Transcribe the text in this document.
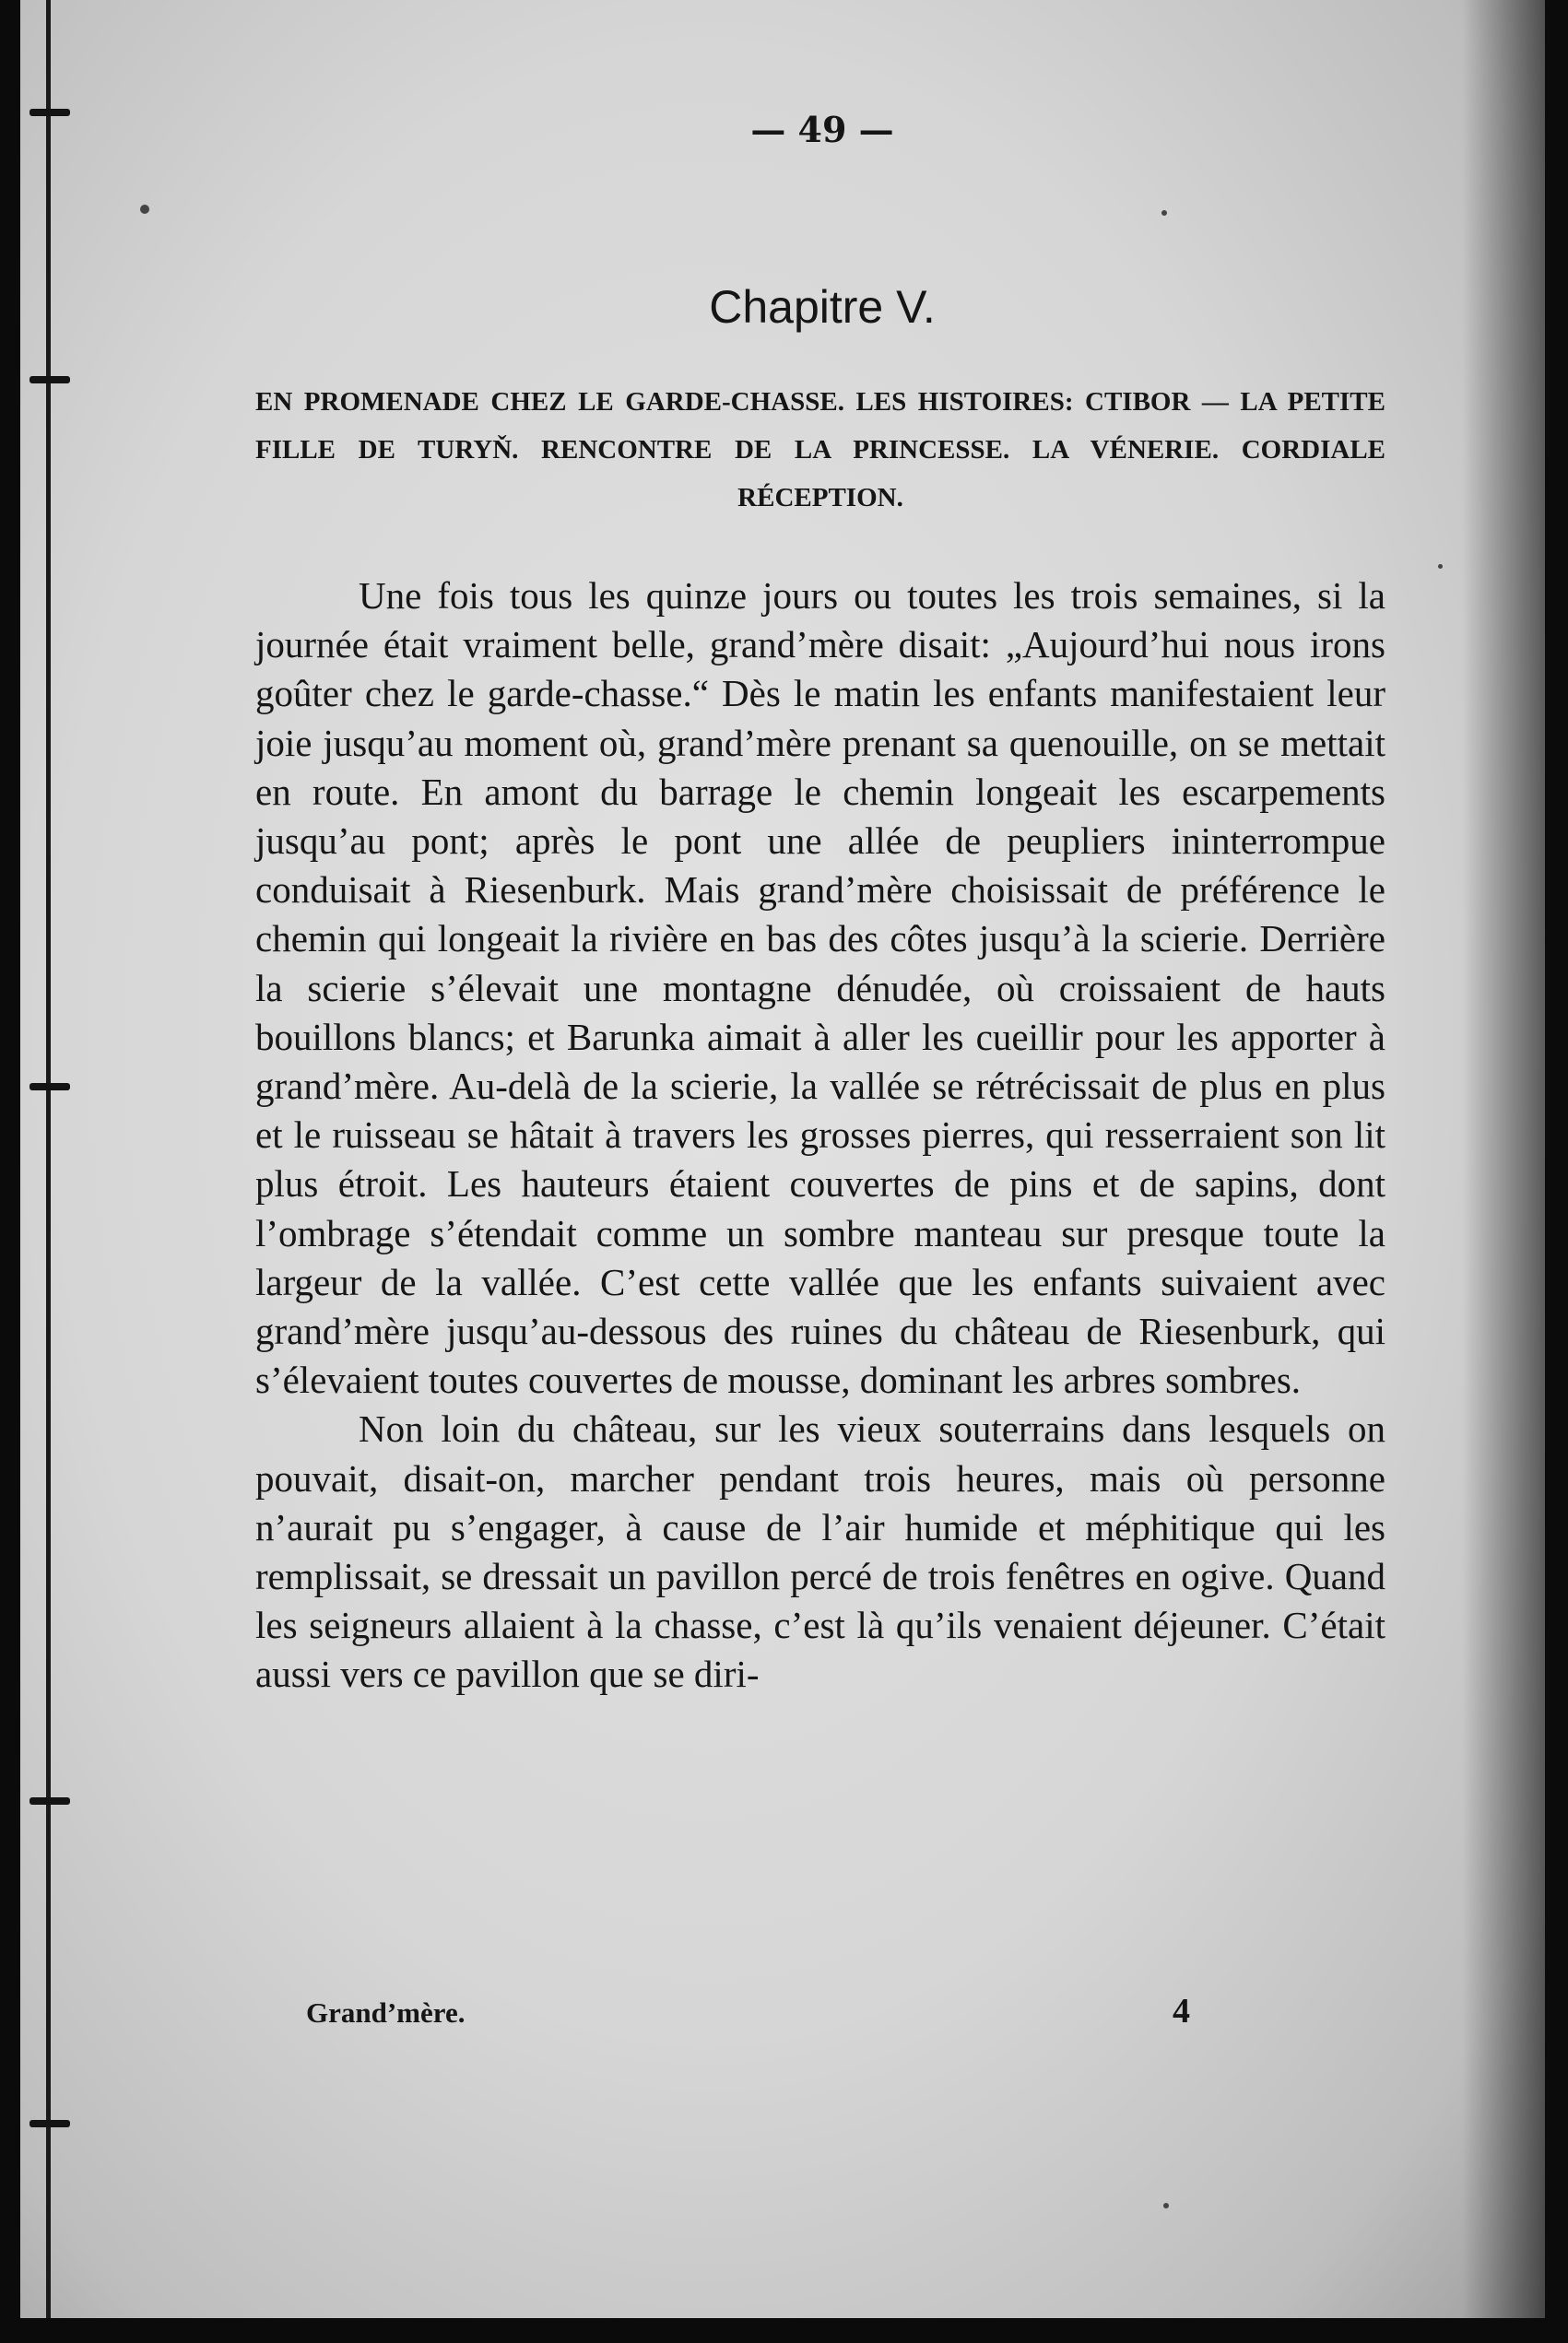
— 49 —
Chapitre V.

EN PROMENADE CHEZ LE GARDE-CHASSE. LES HISTOIRES: CTIBOR — LA PETITE FILLE DE TURYŇ. RENCONTRE DE LA PRINCESSE. LA VÉNERIE. CORDIALE RÉCEPTION.

Une fois tous les quinze jours ou toutes les trois semaines, si la journée était vraiment belle, grand’mère disait: „Aujourd’hui nous irons goûter chez le garde-chasse.“ Dès le matin les enfants manifestaient leur joie jusqu’au moment où, grand’mère prenant sa quenouille, on se mettait en route. En amont du barrage le chemin longeait les escarpements jusqu’au pont; après le pont une allée de peupliers ininterrompue conduisait à Riesenburk. Mais grand’mère choisissait de préférence le chemin qui longeait la rivière en bas des côtes jusqu’à la scierie. Derrière la scierie s’élevait une montagne dénudée, où croissaient de hauts bouillons blancs; et Barunka aimait à aller les cueillir pour les apporter à grand’mère. Au-delà de la scierie, la vallée se rétrécissait de plus en plus et le ruisseau se hâtait à travers les grosses pierres, qui resserraient son lit plus étroit. Les hauteurs étaient couvertes de pins et de sapins, dont l’ombrage s’étendait comme un sombre manteau sur presque toute la largeur de la vallée. C’est cette vallée que les enfants suivaient avec grand’mère jusqu’au-dessous des ruines du château de Riesenburk, qui s’élevaient toutes couvertes de mousse, dominant les arbres sombres.

Non loin du château, sur les vieux souterrains dans lesquels on pouvait, disait-on, marcher pendant trois heures, mais où personne n’aurait pu s’engager, à cause de l’air humide et méphitique qui les remplissait, se dressait un pavillon percé de trois fenêtres en ogive. Quand les seigneurs allaient à la chasse, c’est là qu’ils venaient déjeuner. C’était aussi vers ce pavillon que se diri-

Grand’mère.	4
